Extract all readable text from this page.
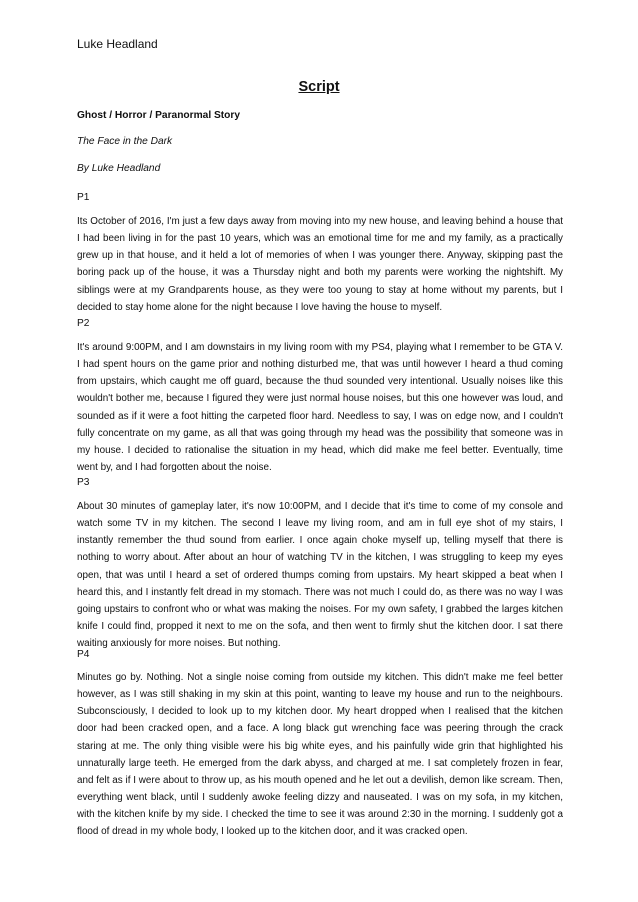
Luke Headland
Script
Ghost / Horror / Paranormal Story
The Face in the Dark
By Luke Headland
P1
Its October of 2016, I'm just a few days away from moving into my new house, and leaving behind a house that I had been living in for the past 10 years, which was an emotional time for me and my family, as a practically grew up in that house, and it held a lot of memories of when I was younger there. Anyway, skipping past the boring pack up of the house, it was a Thursday night and both my parents were working the nightshift. My siblings were at my Grandparents house, as they were too young to stay at home without my parents, but I decided to stay home alone for the night because I love having the house to myself.
P2
It's around 9:00PM, and I am downstairs in my living room with my PS4, playing what I remember to be GTA V. I had spent hours on the game prior and nothing disturbed me, that was until however I heard a thud coming from upstairs, which caught me off guard, because the thud sounded very intentional. Usually noises like this wouldn't bother me, because I figured they were just normal house noises, but this one however was loud, and sounded as if it were a foot hitting the carpeted floor hard. Needless to say, I was on edge now, and I couldn't fully concentrate on my game, as all that was going through my head was the possibility that someone was in my house. I decided to rationalise the situation in my head, which did make me feel better. Eventually, time went by, and I had forgotten about the noise.
P3
About 30 minutes of gameplay later, it's now 10:00PM, and I decide that it's time to come of my console and watch some TV in my kitchen. The second I leave my living room, and am in full eye shot of my stairs, I instantly remember the thud sound from earlier. I once again choke myself up, telling myself that there is nothing to worry about. After about an hour of watching TV in the kitchen, I was struggling to keep my eyes open, that was until I heard a set of ordered thumps coming from upstairs. My heart skipped a beat when I heard this, and I instantly felt dread in my stomach. There was not much I could do, as there was no way I was going upstairs to confront who or what was making the noises. For my own safety, I grabbed the larges kitchen knife I could find, propped it next to me on the sofa, and then went to firmly shut the kitchen door. I sat there waiting anxiously for more noises. But nothing.
P4
Minutes go by. Nothing. Not a single noise coming from outside my kitchen. This didn't make me feel better however, as I was still shaking in my skin at this point, wanting to leave my house and run to the neighbours. Subconsciously, I decided to look up to my kitchen door. My heart dropped when I realised that the kitchen door had been cracked open, and a face. A long black gut wrenching face was peering through the crack staring at me. The only thing visible were his big white eyes, and his painfully wide grin that highlighted his unnaturally large teeth. He emerged from the dark abyss, and charged at me. I sat completely frozen in fear, and felt as if I were about to throw up, as his mouth opened and he let out a devilish, demon like scream. Then, everything went black, until I suddenly awoke feeling dizzy and nauseated. I was on my sofa, in my kitchen, with the kitchen knife by my side. I checked the time to see it was around 2:30 in the morning. I suddenly got a flood of dread in my whole body, I looked up to the kitchen door, and it was cracked open.
